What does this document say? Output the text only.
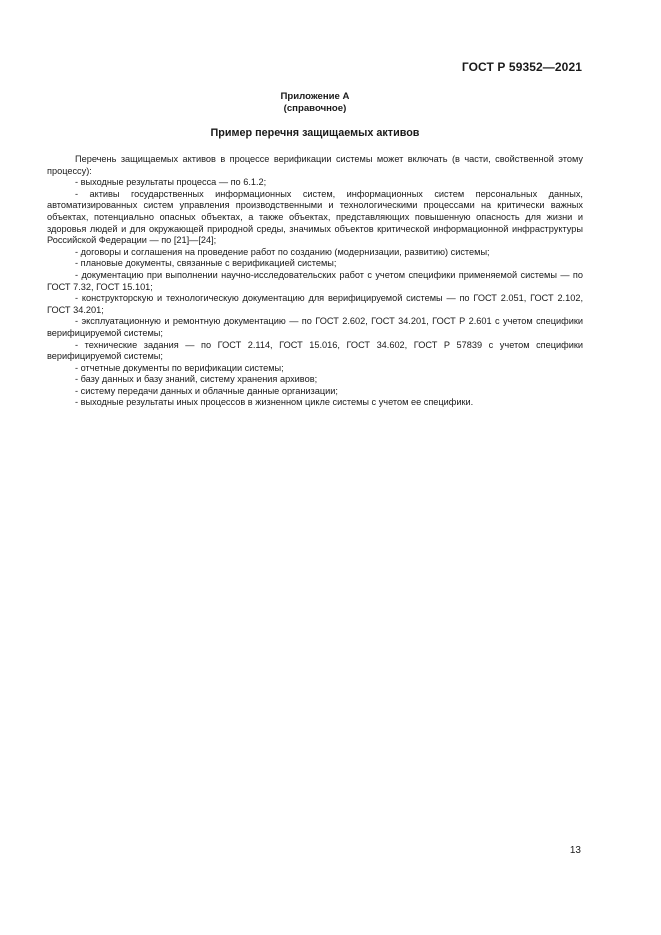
ГОСТ Р 59352—2021
Приложение А
(справочное)
Пример перечня защищаемых активов

Перечень защищаемых активов в процессе верификации системы может включать (в части, свойственной этому процессу):

- выходные результаты процесса — по 6.1.2;

- активы государственных информационных систем, информационных систем персональных данных, автоматизированных систем управления производственными и технологическими процессами на критически важных объектах, потенциально опасных объектах, а также объектах, представляющих повышенную опасность для жизни и здоровья людей и для окружающей природной среды, значимых объектов критической информационной инфраструктуры Российской Федерации — по [21]—[24];

- договоры и соглашения на проведение работ по созданию (модернизации, развитию) системы;

- плановые документы, связанные с верификацией системы;

- документацию при выполнении научно-исследовательских работ с учетом специфики применяемой системы — по ГОСТ 7.32, ГОСТ 15.101;

- конструкторскую и технологическую документацию для верифицируемой системы — по ГОСТ 2.051, ГОСТ 2.102, ГОСТ 34.201;

- эксплуатационную и ремонтную документацию — по ГОСТ 2.602, ГОСТ 34.201, ГОСТ Р 2.601 с учетом специфики верифицируемой системы;

- технические задания — по ГОСТ 2.114, ГОСТ 15.016, ГОСТ 34.602, ГОСТ Р 57839 с учетом специфики верифицируемой системы;

- отчетные документы по верификации системы;

- базу данных и базу знаний, систему хранения архивов;

- систему передачи данных и облачные данные организации;

- выходные результаты иных процессов в жизненном цикле системы с учетом ее специфики.

13
